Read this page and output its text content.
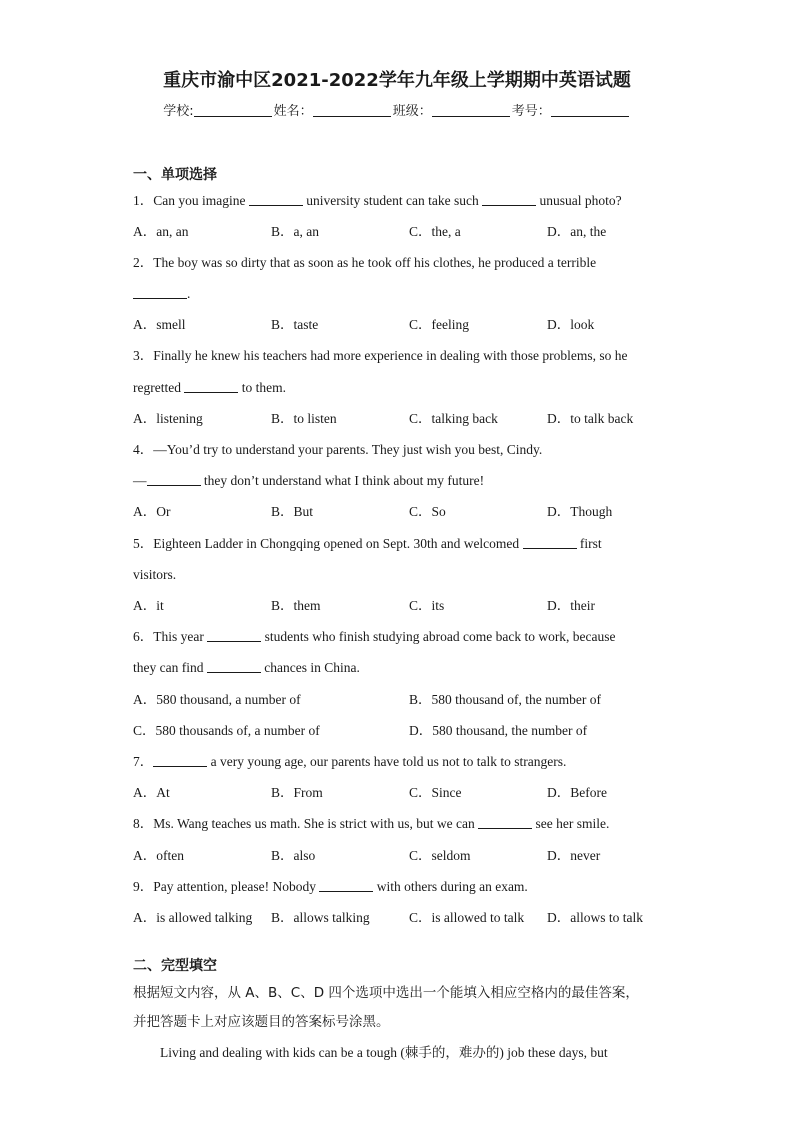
重庆市渝中区2021-2022学年九年级上学期期中英语试题
学校:	姓名：	班级：	考号：
一、单项选择
1．Can you imagine	university student can take such	unusual photo?
A．an, an	B．a, an	C．the, a	D．an, the
2．The boy was so dirty that as soon as he took off his clothes, he produced a terrible
.
A．smell	B．taste	C．feeling	D．look
3．Finally he knew his teachers had more experience in dealing with those problems, so he
regretted	to them.
A．listening	B．to listen	C．talking back	D．to talk back
4．—You’d try to understand your parents. They just wish you best, Cindy.
—	they don’t understand what I think about my future!
A．Or	B．But	C．So	D．Though
5．Eighteen Ladder in Chongqing opened on Sept. 30th and welcomed	first
visitors.
A．it	B．them	C．its	D．their
6．This year	students who finish studying abroad come back to work, because
they can find	chances in China.
A．580 thousand, a number of	B．580 thousand of, the number of
C．580 thousands of, a number of	D．580 thousand, the number of
7．	a very young age, our parents have told us not to talk to strangers.
A．At	B．From	C．Since	D．Before
8．Ms. Wang teaches us math. She is strict with us, but we can	see her smile.
A．often	B．also	C．seldom	D．never
9．Pay attention, please! Nobody	with others during an exam.
A．is allowed talking B．allows talking	C．is allowed to talk D．allows to talk
二、完型填空
根据短文内容，从 A、B、C、D 四个选项中选出一个能填入相应空格内的最佳答案，
并把答题卡上对应该题目的答案标号涂黑。
Living and dealing with kids can be a tough (棘手的，难办的) job these days, but
